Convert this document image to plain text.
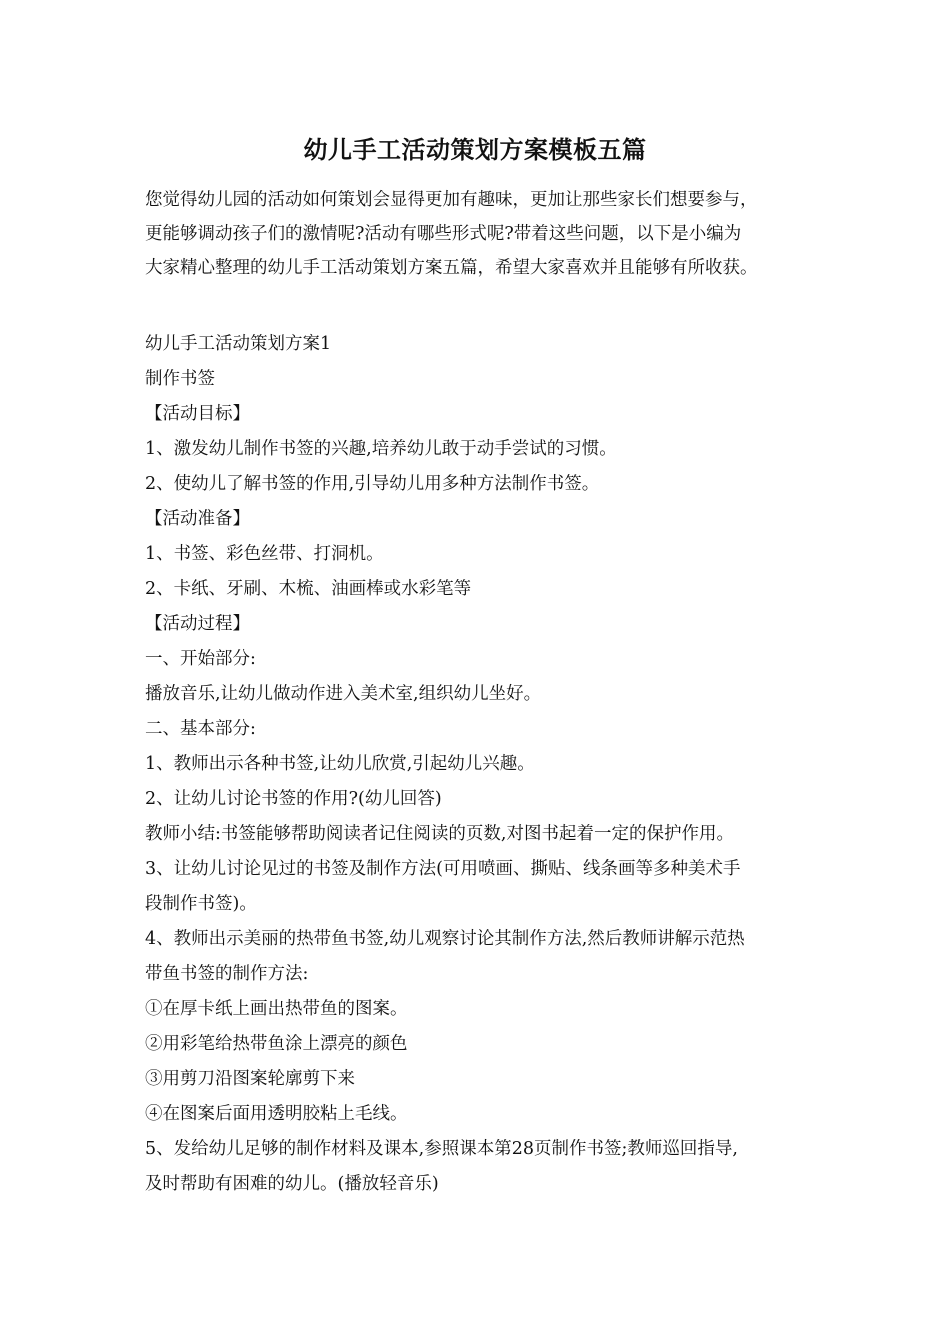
幼儿手工活动策划方案模板五篇

您觉得幼儿园的活动如何策划会显得更加有趣味，更加让那些家长们想要参与，

更能够调动孩子们的激情呢?活动有哪些形式呢?带着这些问题，以下是小编为

大家精心整理的幼儿手工活动策划方案五篇，希望大家喜欢并且能够有所收获。

幼儿手工活动策划方案1

制作书签

【活动目标】

1、激发幼儿制作书签的兴趣,培养幼儿敢于动手尝试的习惯。

2、使幼儿了解书签的作用,引导幼儿用多种方法制作书签。

【活动准备】

1、书签、彩色丝带、打洞机。

2、卡纸、牙刷、木梳、油画棒或水彩笔等

【活动过程】

一、开始部分:

播放音乐,让幼儿做动作进入美术室,组织幼儿坐好。

二、基本部分:

1、教师出示各种书签,让幼儿欣赏,引起幼儿兴趣。

2、让幼儿讨论书签的作用?(幼儿回答)

教师小结:书签能够帮助阅读者记住阅读的页数,对图书起着一定的保护作用。

3、让幼儿讨论见过的书签及制作方法(可用喷画、撕贴、线条画等多种美术手

段制作书签)。

4、教师出示美丽的热带鱼书签,幼儿观察讨论其制作方法,然后教师讲解示范热

带鱼书签的制作方法:

①在厚卡纸上画出热带鱼的图案。

②用彩笔给热带鱼涂上漂亮的颜色

③用剪刀沿图案轮廓剪下来

④在图案后面用透明胶粘上毛线。

5、发给幼儿足够的制作材料及课本,参照课本第28页制作书签;教师巡回指导,

及时帮助有困难的幼儿。(播放轻音乐)
